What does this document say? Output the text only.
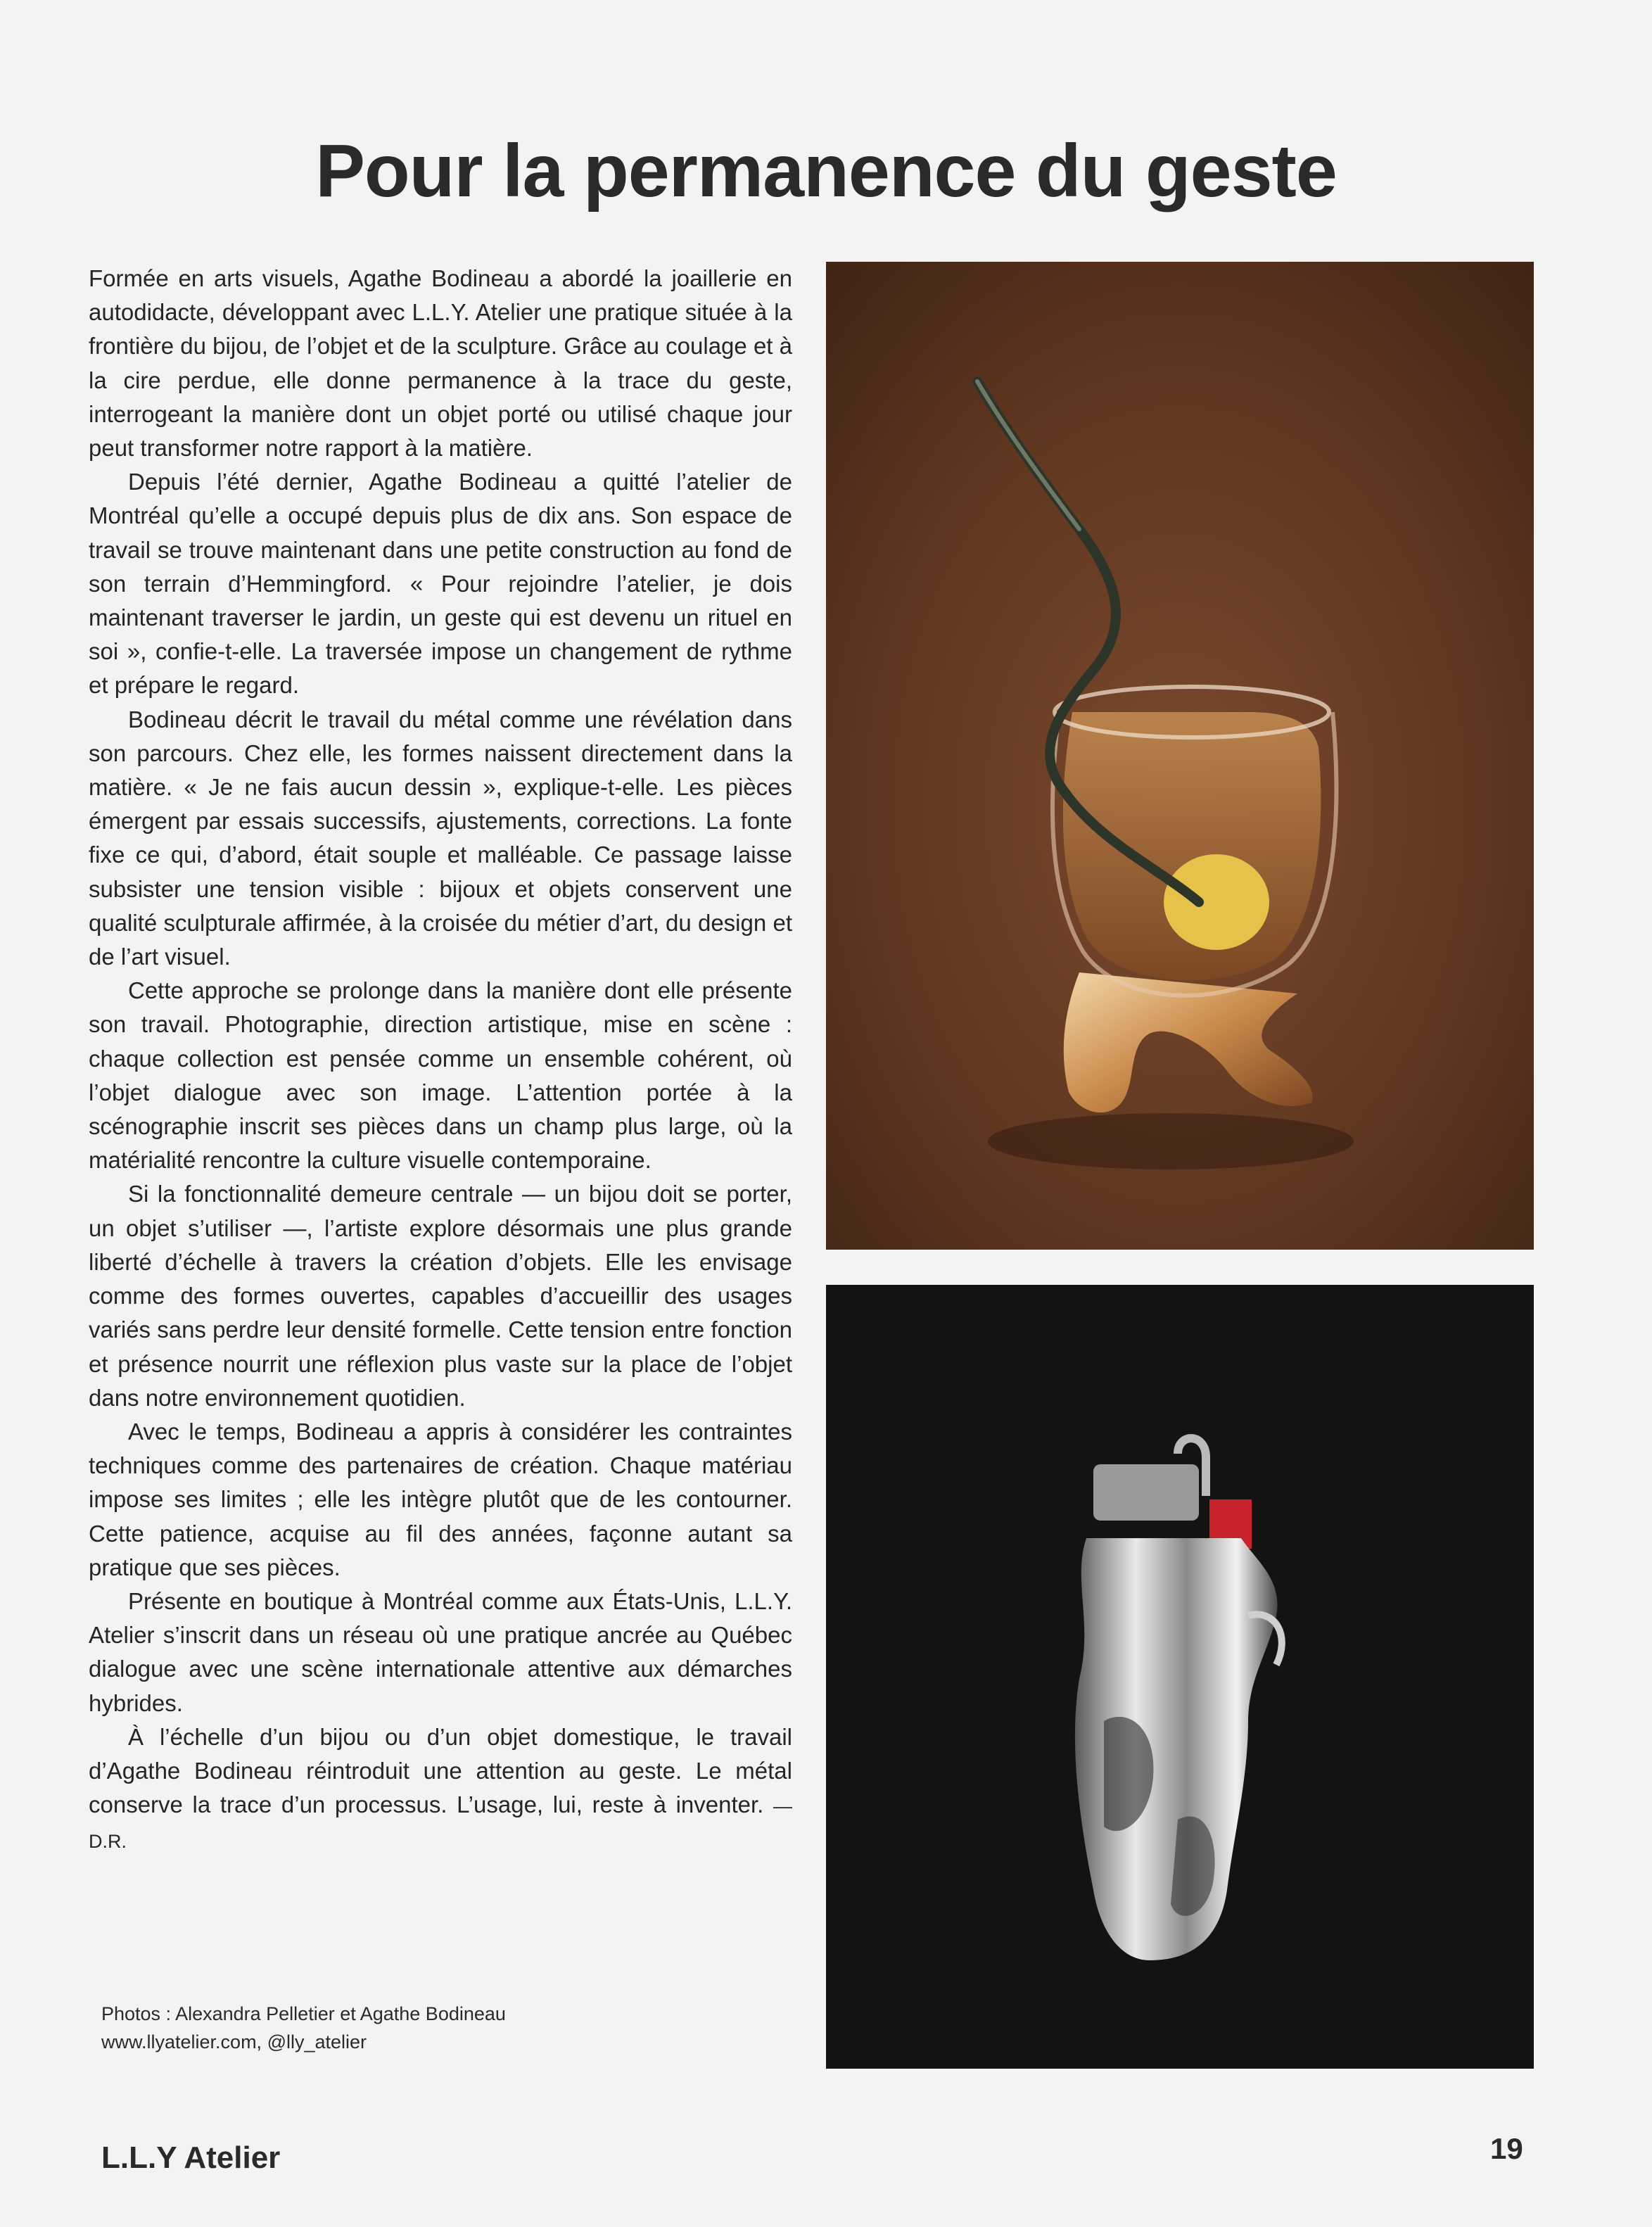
Pour la permanence du geste

Formée en arts visuels, Agathe Bodineau a abordé la joaillerie en autodidacte, développant avec L.L.Y. Atelier une pratique située à la frontière du bijou, de l’objet et de la sculpture. Grâce au coulage et à la cire perdue, elle donne permanence à la trace du geste, interrogeant la manière dont un objet porté ou utilisé chaque jour peut transformer notre rapport à la matière.

Depuis l’été dernier, Agathe Bodineau a quitté l’atelier de Montréal qu’elle a occupé depuis plus de dix ans. Son espace de travail se trouve maintenant dans une petite construction au fond de son terrain d’Hemmingford. « Pour rejoindre l’atelier, je dois maintenant traverser le jardin, un geste qui est devenu un rituel en soi », confie-t-elle. La traversée impose un changement de rythme et prépare le regard.

Bodineau décrit le travail du métal comme une révélation dans son parcours. Chez elle, les formes naissent directement dans la matière. « Je ne fais aucun dessin », explique-t-elle. Les pièces émergent par essais successifs, ajustements, corrections. La fonte fixe ce qui, d’abord, était souple et malléable. Ce passage laisse subsister une tension visible : bijoux et objets conservent une qualité sculpturale affirmée, à la croisée du métier d’art, du design et de l’art visuel.

Cette approche se prolonge dans la manière dont elle présente son travail. Photographie, direction artistique, mise en scène : chaque collection est pensée comme un ensemble cohérent, où l’objet dialogue avec son image. L’attention portée à la scénographie inscrit ses pièces dans un champ plus large, où la matérialité rencontre la culture visuelle contemporaine.

Si la fonctionnalité demeure centrale — un bijou doit se porter, un objet s’utiliser —, l’artiste explore désormais une plus grande liberté d’échelle à travers la création d’objets. Elle les envisage comme des formes ouvertes, capables d’accueillir des usages variés sans perdre leur densité formelle. Cette tension entre fonction et présence nourrit une réflexion plus vaste sur la place de l’objet dans notre environnement quotidien.

Avec le temps, Bodineau a appris à considérer les contraintes techniques comme des partenaires de création. Chaque matériau impose ses limites ; elle les intègre plutôt que de les contourner. Cette patience, acquise au fil des années, façonne autant sa pratique que ses pièces.

Présente en boutique à Montréal comme aux États-Unis, L.L.Y. Atelier s’inscrit dans un réseau où une pratique ancrée au Québec dialogue avec une scène internationale attentive aux démarches hybrides.

À l’échelle d’un bijou ou d’un objet domestique, le travail d’Agathe Bodineau réintroduit une attention au geste. Le métal conserve la trace d’un processus. L’usage, lui, reste à inventer. — D.R.

Photos : Alexandra Pelletier et Agathe Bodineau
www.llyatelier.com, @lly_atelier
L.L.Y Atelier	19
